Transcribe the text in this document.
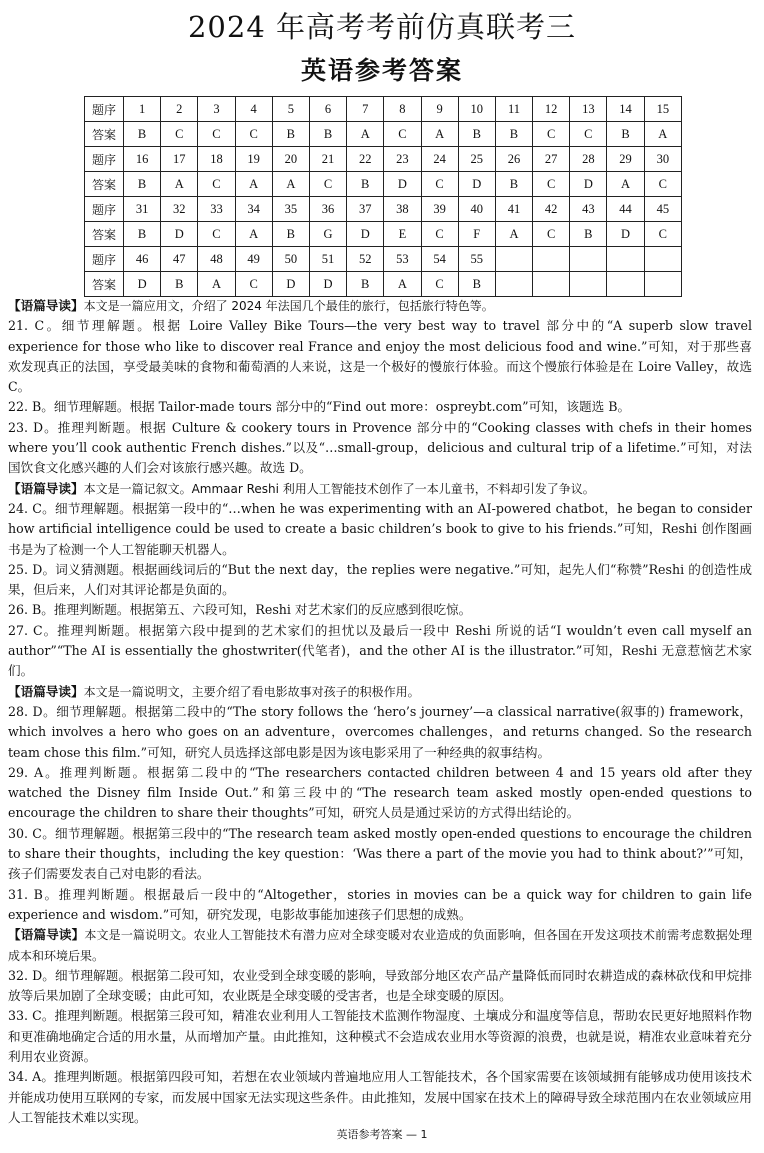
2024 年高考考前仿真联考三
英语参考答案
题序	1	2	3	4	5	6	7	8	9	10	11	12	13	14	15
答案	B	C	C	C	B	B	A	C	A	B	B	C	C	B	A
题序	16	17	18	19	20	21	22	23	24	25	26	27	28	29	30
答案	B	A	C	A	A	C	B	D	C	D	B	C	D	A	C
题序	31	32	33	34	35	36	37	38	39	40	41	42	43	44	45
答案	B	D	C	A	B	G	D	E	C	F	A	C	B	D	C
题序	46	47	48	49	50	51	52	53	54	55					
答案	D	B	A	C	D	D	B	A	C	B					
【语篇导读】本文是一篇应用文，介绍了 2024 年法国几个最佳的旅行，包括旅行特色等。
21. C。细节理解题。根据 Loire Valley Bike Tours—the very best way to travel 部分中的“A superb slow travel experience for those who like to discover real France and enjoy the most delicious food and wine.”可知，对于那些喜欢发现真正的法国，享受最美味的食物和葡萄酒的人来说，这是一个极好的慢旅行体验。而这个慢旅行体验是在 Loire Valley，故选 C。
22. B。细节理解题。根据 Tailor-made tours 部分中的“Find out more：ospreybt.com”可知，该题选 B。
23. D。推理判断题。根据 Culture & cookery tours in Provence 部分中的“Cooking classes with chefs in their homes where you’ll cook authentic French dishes.”以及“…small-group，delicious and cultural trip of a lifetime.”可知，对法国饮食文化感兴趣的人们会对该旅行感兴趣。故选 D。
【语篇导读】本文是一篇记叙文。Ammaar Reshi 利用人工智能技术创作了一本儿童书，不料却引发了争议。
24. C。细节理解题。根据第一段中的“…when he was experimenting with an AI-powered chatbot，he began to consider how artificial intelligence could be used to create a basic children’s book to give to his friends.”可知，Reshi 创作图画书是为了检测一个人工智能聊天机器人。
25. D。词义猜测题。根据画线词后的“But the next day，the replies were negative.”可知，起先人们“称赞”Reshi 的创造性成果，但后来，人们对其评论都是负面的。
26. B。推理判断题。根据第五、六段可知，Reshi 对艺术家们的反应感到很吃惊。
27. C。推理判断题。根据第六段中提到的艺术家们的担忧以及最后一段中 Reshi 所说的话“I wouldn’t even call myself an author”“The AI is essentially the ghostwriter(代笔者)，and the other AI is the illustrator.”可知，Reshi 无意惹恼艺术家们。
【语篇导读】本文是一篇说明文，主要介绍了看电影故事对孩子的积极作用。
28. D。细节理解题。根据第二段中的“The story follows the ‘hero’s journey’—a classical narrative(叙事的) framework，which involves a hero who goes on an adventure，overcomes challenges，and returns changed. So the research team chose this film.”可知，研究人员选择这部电影是因为该电影采用了一种经典的叙事结构。
29. A。推理判断题。根据第二段中的“The researchers contacted children between 4 and 15 years old after they watched the Disney film Inside Out.”和第三段中的“The research team asked mostly open-ended questions to encourage the children to share their thoughts”可知，研究人员是通过采访的方式得出结论的。
30. C。细节理解题。根据第三段中的“The research team asked mostly open-ended questions to encourage the children to share their thoughts，including the key question：‘Was there a part of the movie you had to think about?’”可知，孩子们需要发表自己对电影的看法。
31. B。推理判断题。根据最后一段中的“Altogether，stories in movies can be a quick way for children to gain life experience and wisdom.”可知，研究发现，电影故事能加速孩子们思想的成熟。
【语篇导读】本文是一篇说明文。农业人工智能技术有潜力应对全球变暖对农业造成的负面影响，但各国在开发这项技术前需考虑数据处理成本和环境后果。
32. D。细节理解题。根据第二段可知，农业受到全球变暖的影响，导致部分地区农产品产量降低而同时农耕造成的森林砍伐和甲烷排放等后果加剧了全球变暖；由此可知，农业既是全球变暖的受害者，也是全球变暖的原因。
33. C。推理判断题。根据第三段可知，精准农业利用人工智能技术监测作物湿度、土壤成分和温度等信息，帮助农民更好地照料作物和更准确地确定合适的用水量，从而增加产量。由此推知，这种模式不会造成农业用水等资源的浪费，也就是说，精准农业意味着充分利用农业资源。
34. A。推理判断题。根据第四段可知，若想在农业领域内普遍地应用人工智能技术，各个国家需要在该领域拥有能够成功使用该技术并能成功使用互联网的专家，而发展中国家无法实现这些条件。由此推知，发展中国家在技术上的障碍导致全球范围内在农业领域应用人工智能技术难以实现。
英语参考答案 — 1
